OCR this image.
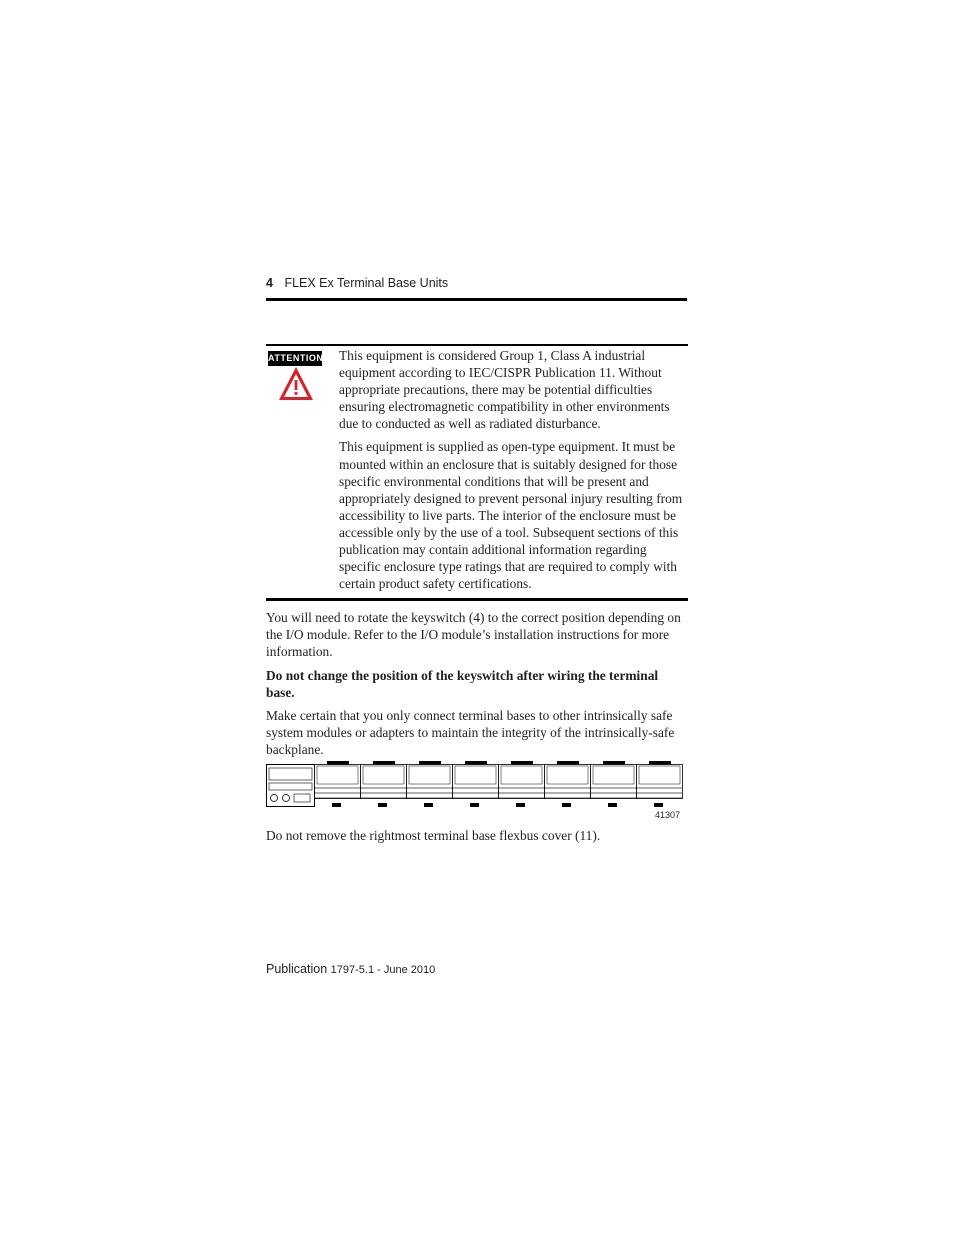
4 FLEX Ex Terminal Base Units
ATTENTION This equipment is considered Group 1, Class A industrial equipment according to IEC/CISPR Publication 11. Without appropriate precautions, there may be potential difficulties ensuring electromagnetic compatibility in other environments due to conducted as well as radiated disturbance.

This equipment is supplied as open-type equipment. It must be mounted within an enclosure that is suitably designed for those specific environmental conditions that will be present and appropriately designed to prevent personal injury resulting from accessibility to live parts. The interior of the enclosure must be accessible only by the use of a tool. Subsequent sections of this publication may contain additional information regarding specific enclosure type ratings that are required to comply with certain product safety certifications.

You will need to rotate the keyswitch (4) to the correct position depending on the I/O module. Refer to the I/O module’s installation instructions for more information.

Do not change the position of the keyswitch after wiring the terminal base.

Make certain that you only connect terminal bases to other intrinsically safe system modules or adapters to maintain the integrity of the intrinsically-safe backplane.

41307

Do not remove the rightmost terminal base flexbus cover (11).

Publication 1797-5.1 - June 2010
